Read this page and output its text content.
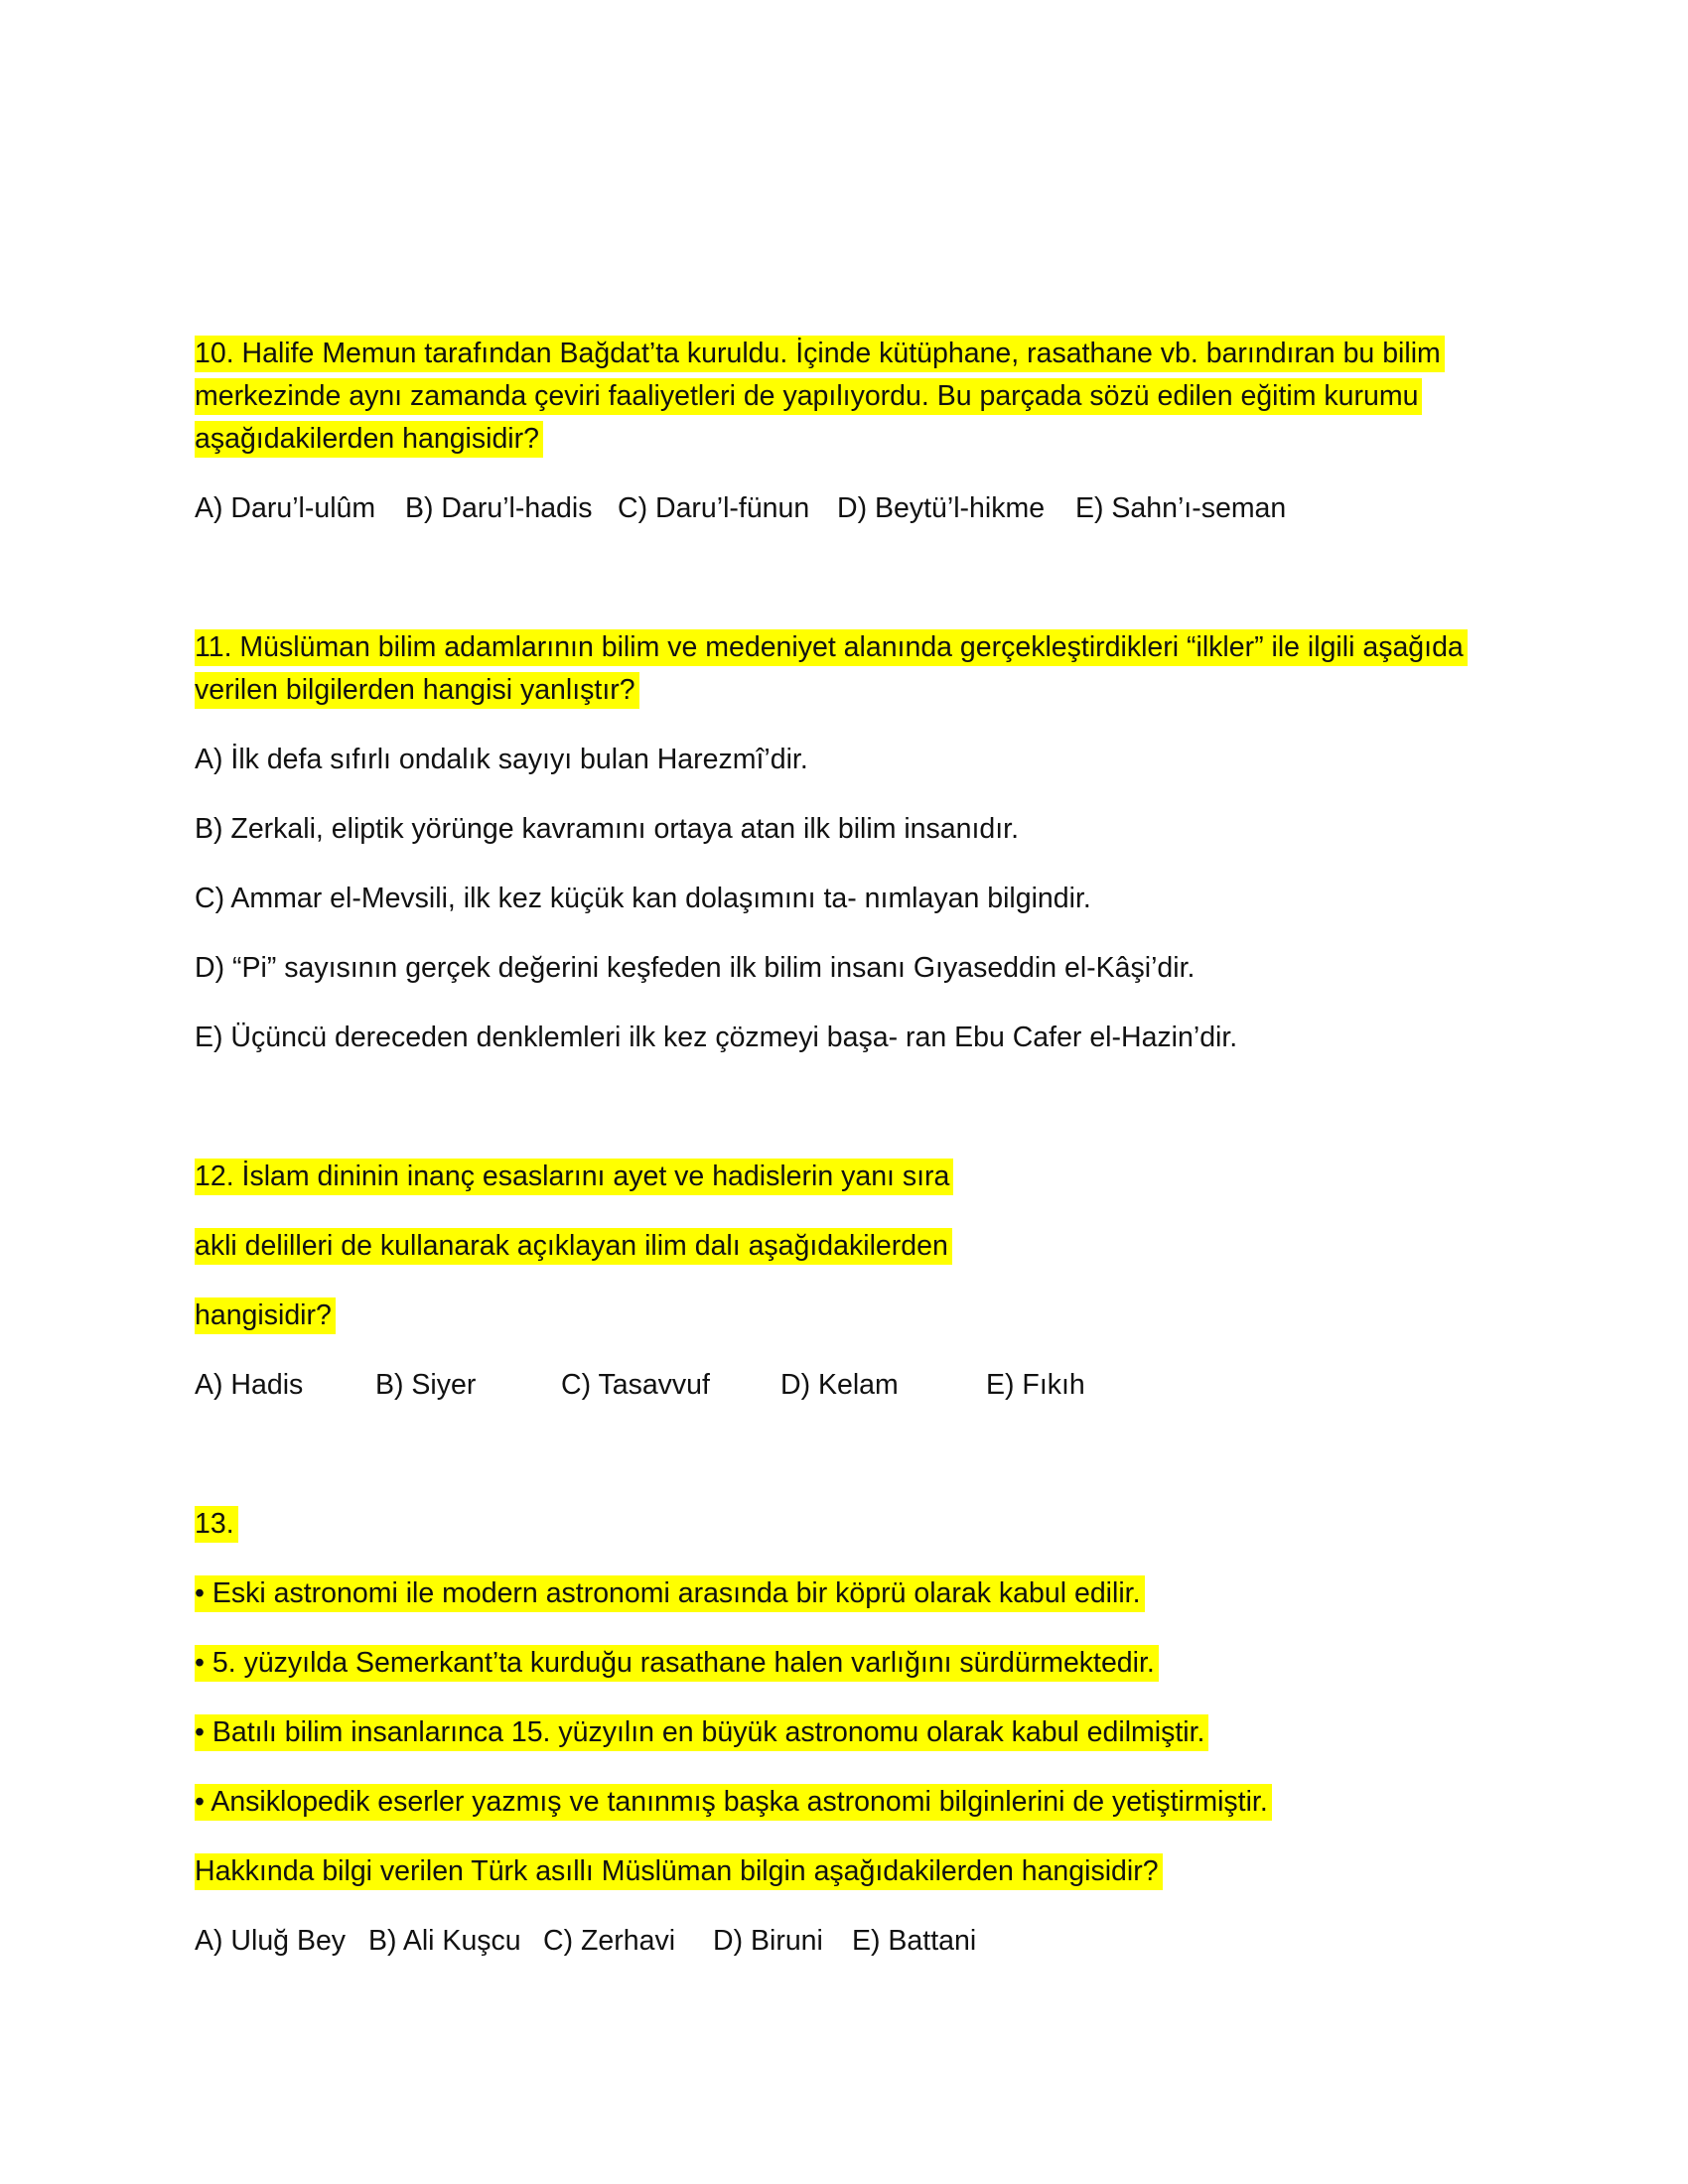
10. Halife Memun tarafından Bağdat’ta kuruldu. İçinde kütüphane, rasathane vb. barındıran bu bilim
merkezinde aynı zamanda çeviri faaliyetleri de yapılıyordu. Bu parçada sözü edilen eğitim kurumu
aşağıdakilerden hangisidir?
A) Daru’l-ulûm B) Daru’l-hadis C) Daru’l-fünun D) Beytü’l-hikme E) Sahn’ı-seman
11. Müslüman bilim adamlarının bilim ve medeniyet alanında gerçekleştirdikleri “ilkler” ile ilgili aşağıda
verilen bilgilerden hangisi yanlıştır?
A) İlk defa sıfırlı ondalık sayıyı bulan Harezmî’dir.
B) Zerkali, eliptik yörünge kavramını ortaya atan ilk bilim insanıdır.
C) Ammar el-Mevsili, ilk kez küçük kan dolaşımını ta- nımlayan bilgindir.
D) “Pi” sayısının gerçek değerini keşfeden ilk bilim insanı Gıyaseddin el-Kâşi’dir.
E) Üçüncü dereceden denklemleri ilk kez çözmeyi başa- ran Ebu Cafer el-Hazin’dir.
12. İslam dininin inanç esaslarını ayet ve hadislerin yanı sıra
akli delilleri de kullanarak açıklayan ilim dalı aşağıdakilerden
hangisidir?
A) Hadis	B) Siyer	C) Tasavvuf D) Kelam	E) Fıkıh
13.
• Eski astronomi ile modern astronomi arasında bir köprü olarak kabul edilir.
• 5. yüzyılda Semerkant’ta kurduğu rasathane halen varlığını sürdürmektedir.
• Batılı bilim insanlarınca 15. yüzyılın en büyük astronomu olarak kabul edilmiştir.
• Ansiklopedik eserler yazmış ve tanınmış başka astronomi bilginlerini de yetiştirmiştir.
Hakkında bilgi verilen Türk asıllı Müslüman bilgin aşağıdakilerden hangisidir?
A) Uluğ Bey B) Ali Kuşcu C) Zerhavi D) Biruni E) Battani
